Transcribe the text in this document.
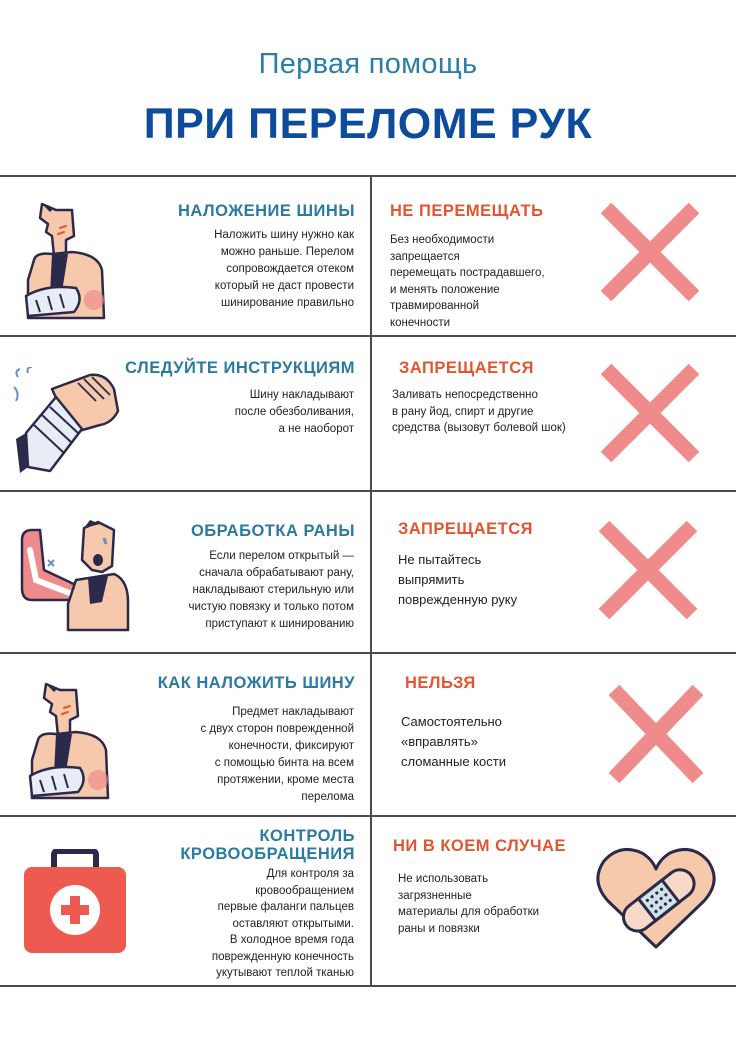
Первая помощь
ПРИ ПЕРЕЛОМЕ РУК
НАЛОЖЕНИЕ ШИНЫ
Наложить шину нужно как
можно раньше. Перелом
сопровождается отеком
который не даст провести
шинирование правильно
НЕ ПЕРЕМЕЩАТЬ
Без необходимости
запрещается
перемещать пострадавшего,
и менять положение
травмированной
конечности
СЛЕДУЙТЕ ИНСТРУКЦИЯМ
Шину накладывают
после обезболивания,
а не наоборот
ЗАПРЕЩАЕТСЯ
Заливать непосредственно
в рану йод, спирт и другие
средства (вызовут болевой шок)
ОБРАБОТКА РАНЫ
Если перелом открытый —
сначала обрабатывают рану,
накладывают стерильную или
чистую повязку и только потом
приступают к шинированию
ЗАПРЕЩАЕТСЯ
Не пытайтесь
выпрямить
поврежденную руку
КАК НАЛОЖИТЬ ШИНУ
Предмет накладывают
с двух сторон поврежденной
конечности, фиксируют
с помощью бинта на всем
протяжении, кроме места
перелома
НЕЛЬЗЯ
Самостоятельно
«вправлять»
сломанные кости
КОНТРОЛЬ
КРОВООБРАЩЕНИЯ
Для контроля за
кровообращением
первые фаланги пальцев
оставляют открытыми.
В холодное время года
поврежденную конечность
укутывают теплой тканью
НИ В КОЕМ СЛУЧАЕ
Не использовать
загрязненные
материалы для обработки
раны и повязки
